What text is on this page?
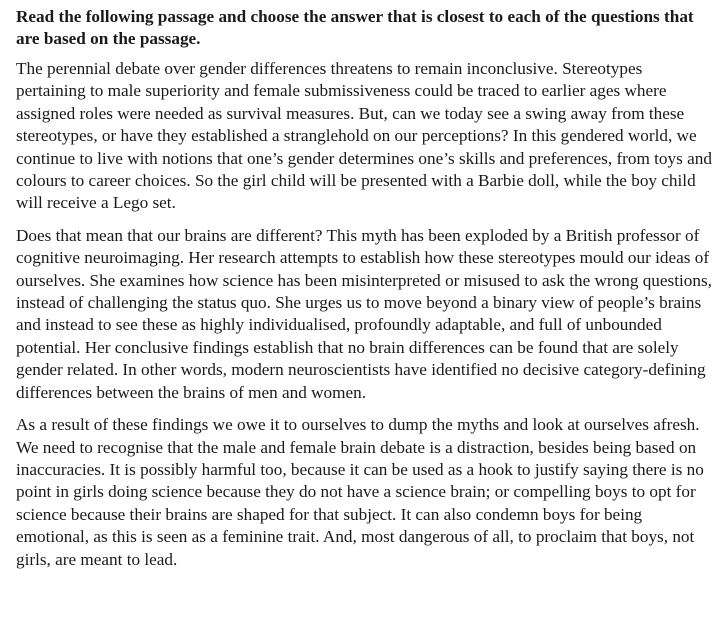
Read the following passage and choose the answer that is closest to each of the questions that are based on the passage.

The perennial debate over gender differences threatens to remain inconclusive. Stereotypes pertaining to male superiority and female submissiveness could be traced to earlier ages where assigned roles were needed as survival measures. But, can we today see a swing away from these stereotypes, or have they established a stranglehold on our perceptions? In this gendered world, we continue to live with notions that one’s gender determines one’s skills and preferences, from toys and colours to career choices. So the girl child will be presented with a Barbie doll, while the boy child will receive a Lego set.

Does that mean that our brains are different? This myth has been exploded by a British professor of cognitive neuroimaging. Her research attempts to establish how these stereotypes mould our ideas of ourselves. She examines how science has been misinterpreted or misused to ask the wrong questions, instead of challenging the status quo. She urges us to move beyond a binary view of people’s brains and instead to see these as highly individualised, profoundly adaptable, and full of unbounded potential. Her conclusive findings establish that no brain differences can be found that are solely gender related. In other words, modern neuroscientists have identified no decisive category-defining differences between the brains of men and women.

As a result of these findings we owe it to ourselves to dump the myths and look at ourselves afresh. We need to recognise that the male and female brain debate is a distraction, besides being based on inaccuracies. It is possibly harmful too, because it can be used as a hook to justify saying there is no point in girls doing science because they do not have a science brain; or compelling boys to opt for science because their brains are shaped for that subject. It can also condemn boys for being emotional, as this is seen as a feminine trait. And, most dangerous of all, to proclaim that boys, not girls, are meant to lead.
